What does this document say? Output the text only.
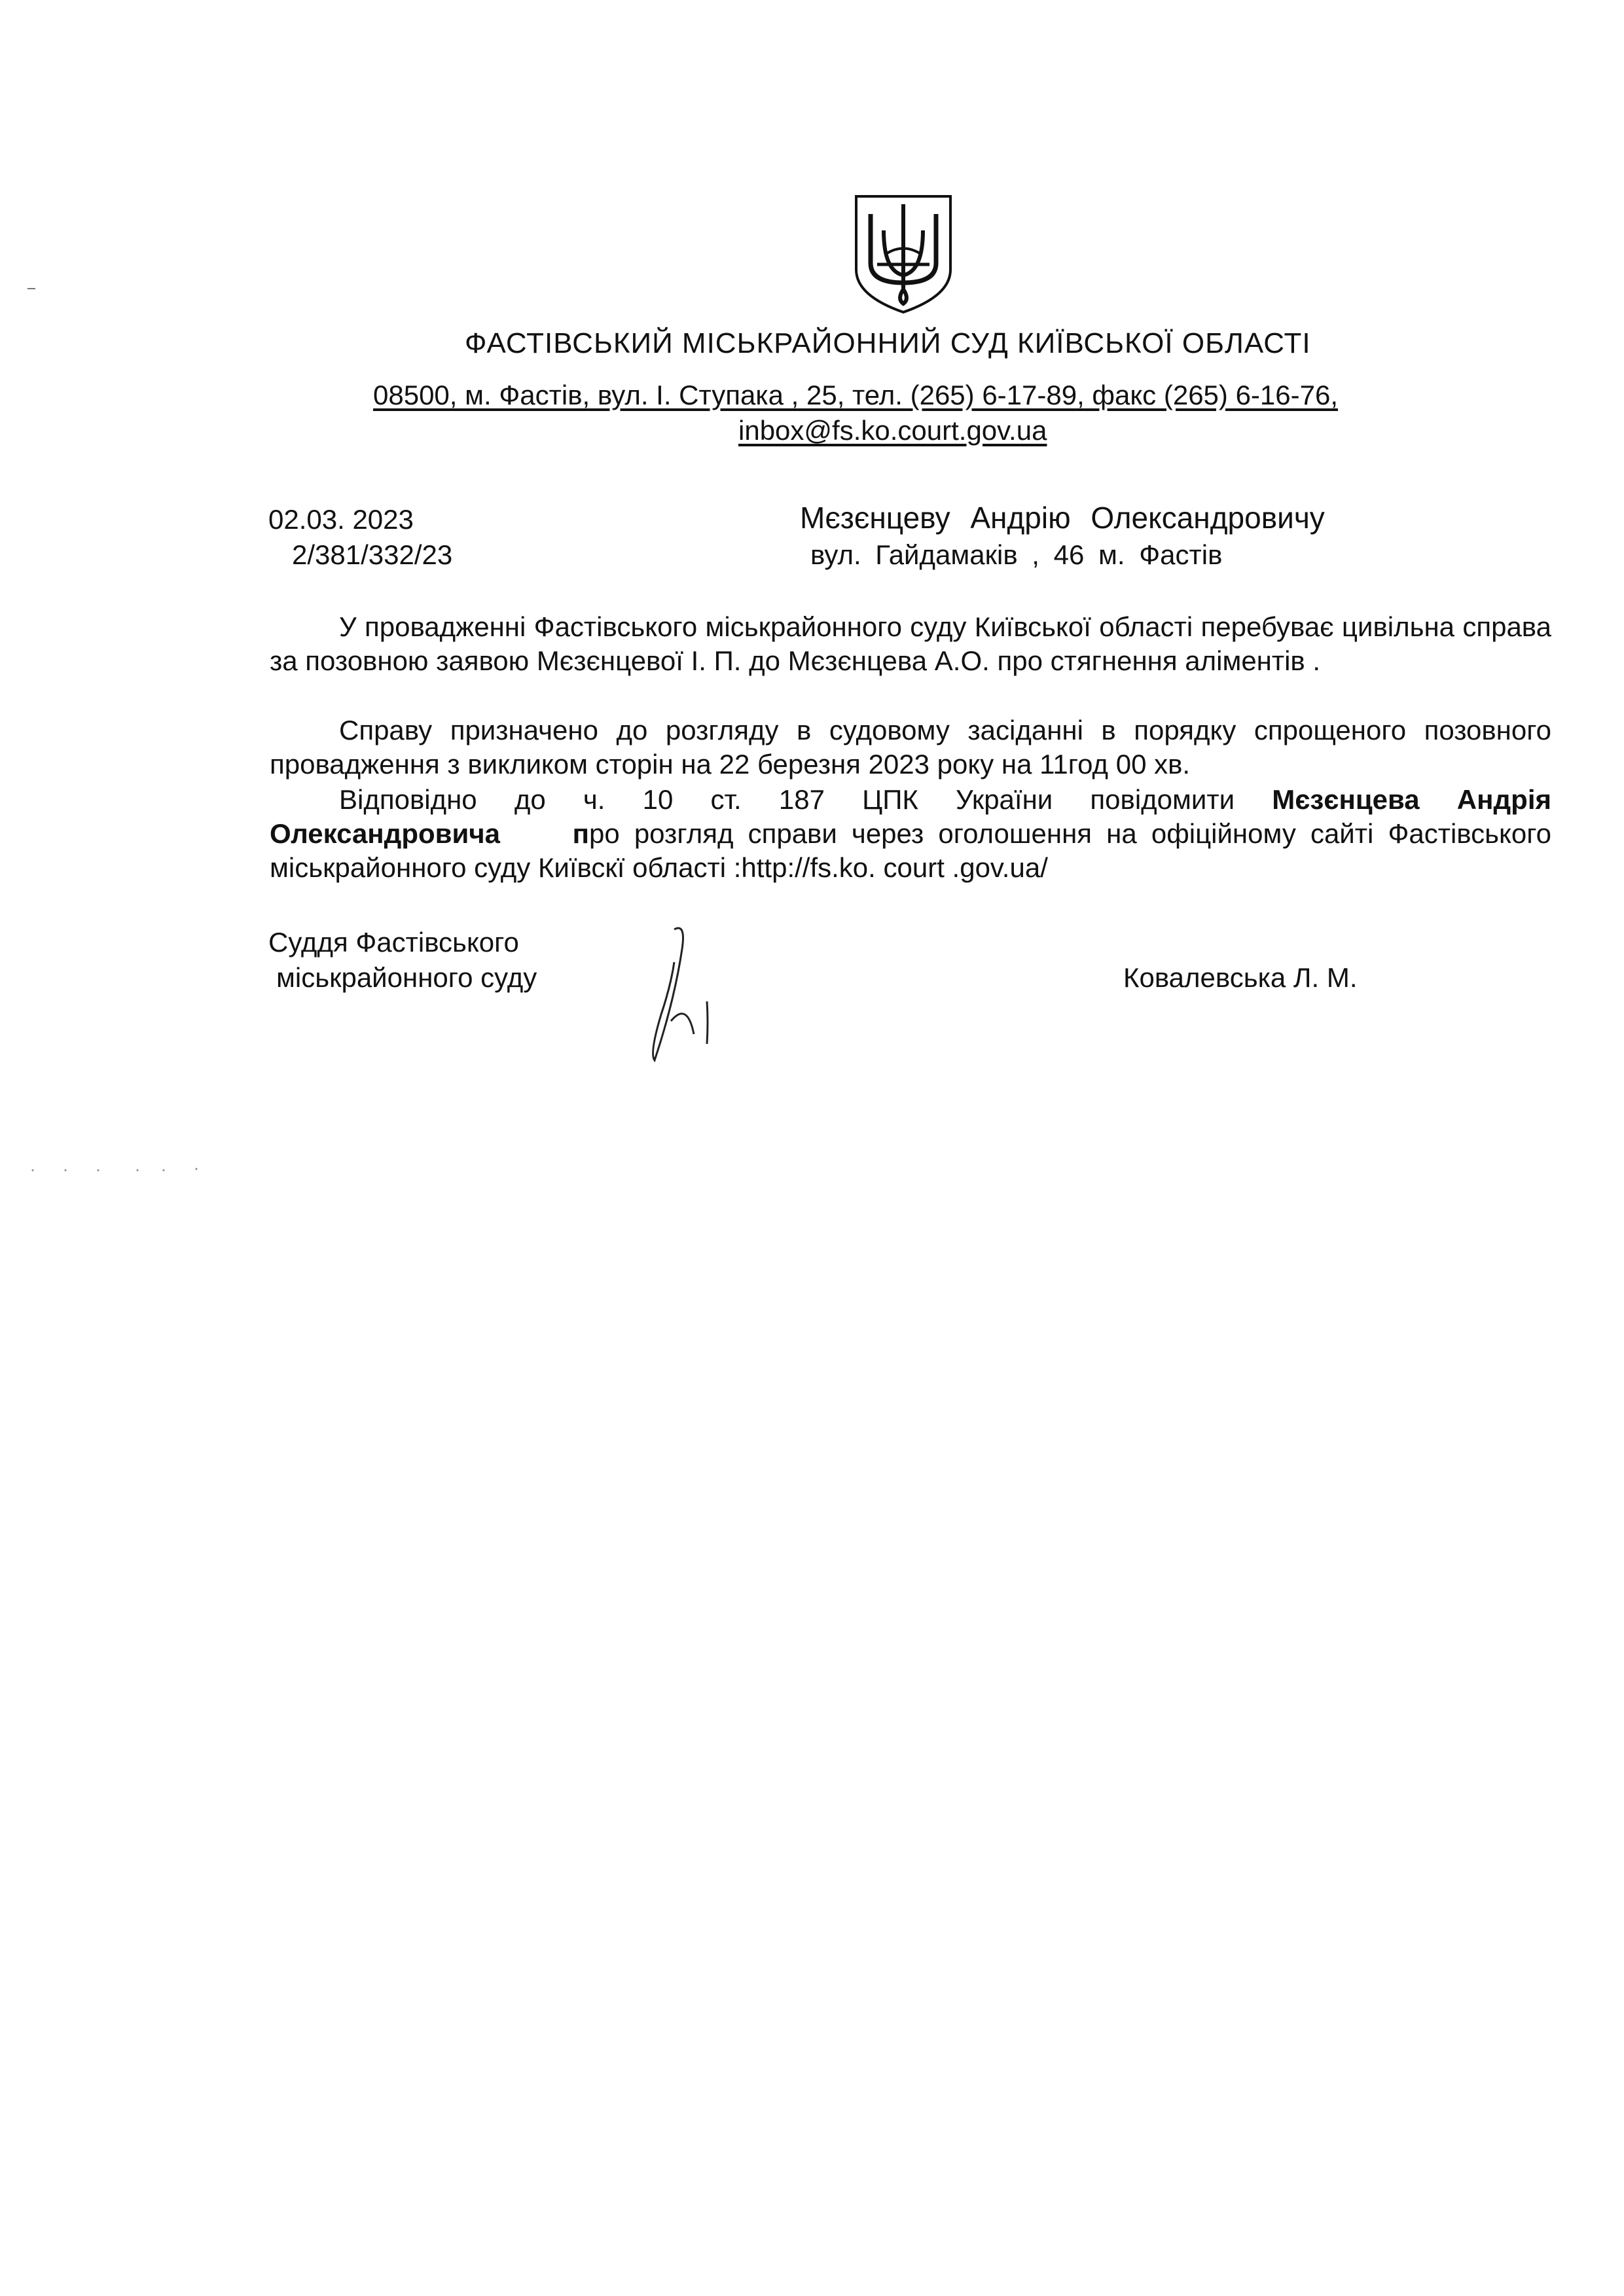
ФАСТІВСЬКИЙ МІСЬКРАЙОННИЙ СУД КИЇВСЬКОЇ ОБЛАСТІ
08500, м. Фастів, вул. І. Ступака , 25, тел. (265) 6-17-89, факс (265) 6-16-76,
inbox@fs.ko.court.gov.ua
02.03. 2023
2/381/332/23
Мєзєнцеву Андрію Олександровичу
вул. Гайдамаків , 46 м. Фастів
У провадженні Фастівського міськрайонного суду Київської області перебуває цивільна справа за позовною заявою Мєзєнцевої І. П. до Мєзєнцева А.О. про стягнення аліментів .
Справу призначено до розгляду в судовому засіданні в порядку спрощеного позовного провадження з викликом сторін на 22 березня 2023 року на 11год 00 хв.
Відповідно до ч. 10 ст. 187 ЦПК України повідомити Мєзєнцева Андрія Олександровича	про розгляд справи через оголошення на офіційному сайті Фастівського міськрайонного суду Київскї області :http://fs.ko. court .gov.ua/
Суддя Фастівського
міськрайонного суду	Ковалевська Л. М.
